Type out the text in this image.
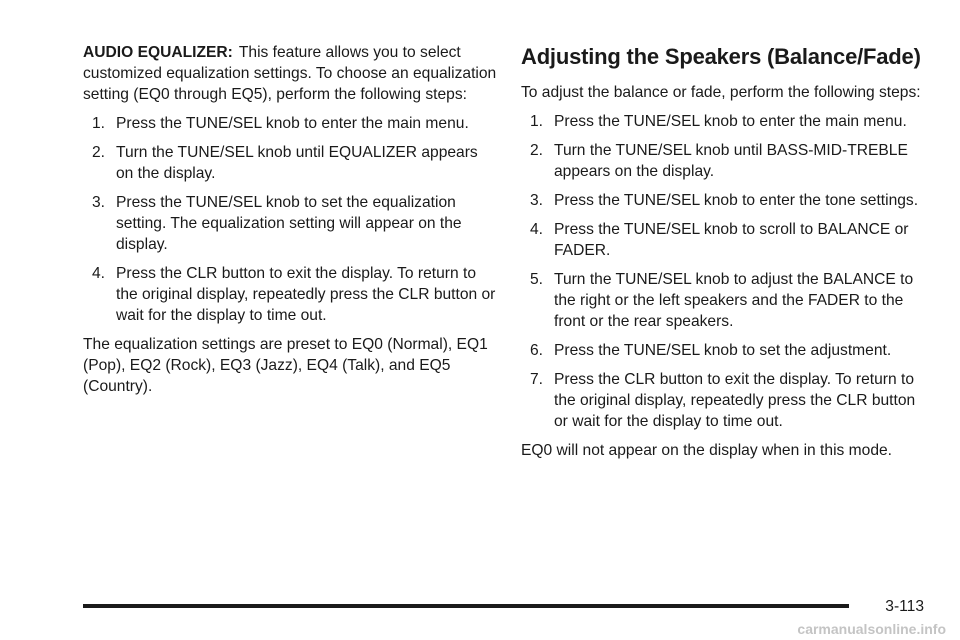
AUDIO EQUALIZER: This feature allows you to select customized equalization settings. To choose an equalization setting (EQ0 through EQ5), perform the following steps:

1. Press the TUNE/SEL knob to enter the main menu.
2. Turn the TUNE/SEL knob until EQUALIZER appears on the display.
3. Press the TUNE/SEL knob to set the equalization setting. The equalization setting will appear on the display.
4. Press the CLR button to exit the display. To return to the original display, repeatedly press the CLR button or wait for the display to time out.

The equalization settings are preset to EQ0 (Normal), EQ1 (Pop), EQ2 (Rock), EQ3 (Jazz), EQ4 (Talk), and EQ5 (Country).

Adjusting the Speakers (Balance/Fade)

To adjust the balance or fade, perform the following steps:

1. Press the TUNE/SEL knob to enter the main menu.
2. Turn the TUNE/SEL knob until BASS-MID-TREBLE appears on the display.
3. Press the TUNE/SEL knob to enter the tone settings.
4. Press the TUNE/SEL knob to scroll to BALANCE or FADER.
5. Turn the TUNE/SEL knob to adjust the BALANCE to the right or the left speakers and the FADER to the front or the rear speakers.
6. Press the TUNE/SEL knob to set the adjustment.
7. Press the CLR button to exit the display. To return to the original display, repeatedly press the CLR button or wait for the display to time out.

EQ0 will not appear on the display when in this mode.

3-113
carmanualsonline.info
